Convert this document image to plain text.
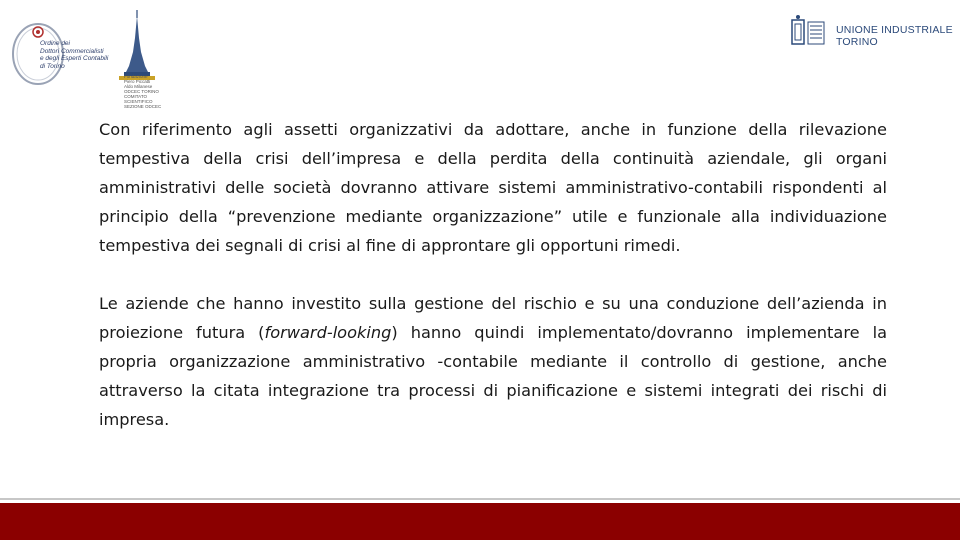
Ordine dei
Dottori Commercialisti
e degli Esperti Contabili
di Torino
Fondazione
Piero Piccatti
Aldo Milanese
ODCEC TORINO
COMITATO
SCIENTIFICO
SEZIONE ODCEC
UNIONE INDUSTRIALE
TORINO

Con riferimento agli assetti organizzativi da adottare, anche in funzione della rilevazione tempestiva della crisi dell’impresa e della perdita della continuità aziendale, gli organi amministrativi delle società dovranno attivare sistemi amministrativo-contabili rispondenti al principio della “prevenzione mediante organizzazione” utile e funzionale alla individuazione tempestiva dei segnali di crisi al fine di approntare gli opportuni rimedi.

Le aziende che hanno investito sulla gestione del rischio e su una conduzione dell’azienda in proiezione futura (forward-looking) hanno quindi implementato/dovranno implementare la propria organizzazione amministrativo -contabile mediante il controllo di gestione, anche attraverso la citata integrazione tra processi di pianificazione e sistemi integrati dei rischi di impresa.
